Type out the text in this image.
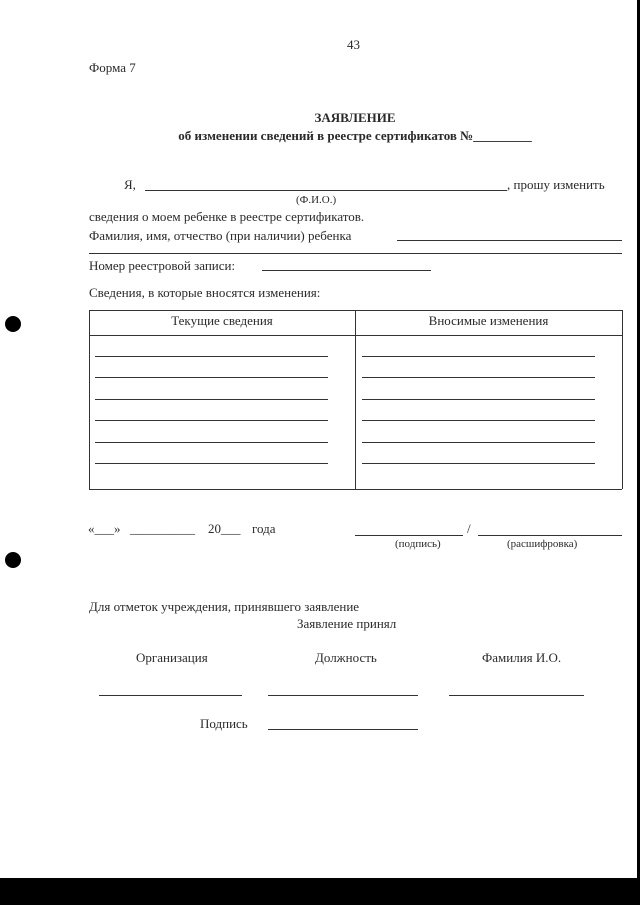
43
Форма 7
ЗАЯВЛЕНИЕ
об изменении сведений в реестре сертификатов №_________
Я,	, прошу изменить
(Ф.И.О.)
сведения о моем ребенке в реестре сертификатов.
Фамилия, имя, отчество (при наличии) ребенка
Номер реестровой записи:
Сведения, в которые вносятся изменения:
Текущие сведения	Вносимые изменения
«___» __________ 20___ года	/
(подпись)	(расшифровка)
Для отметок учреждения, принявшего заявление
Заявление принял
Организация	Должность	Фамилия И.О.
Подпись
